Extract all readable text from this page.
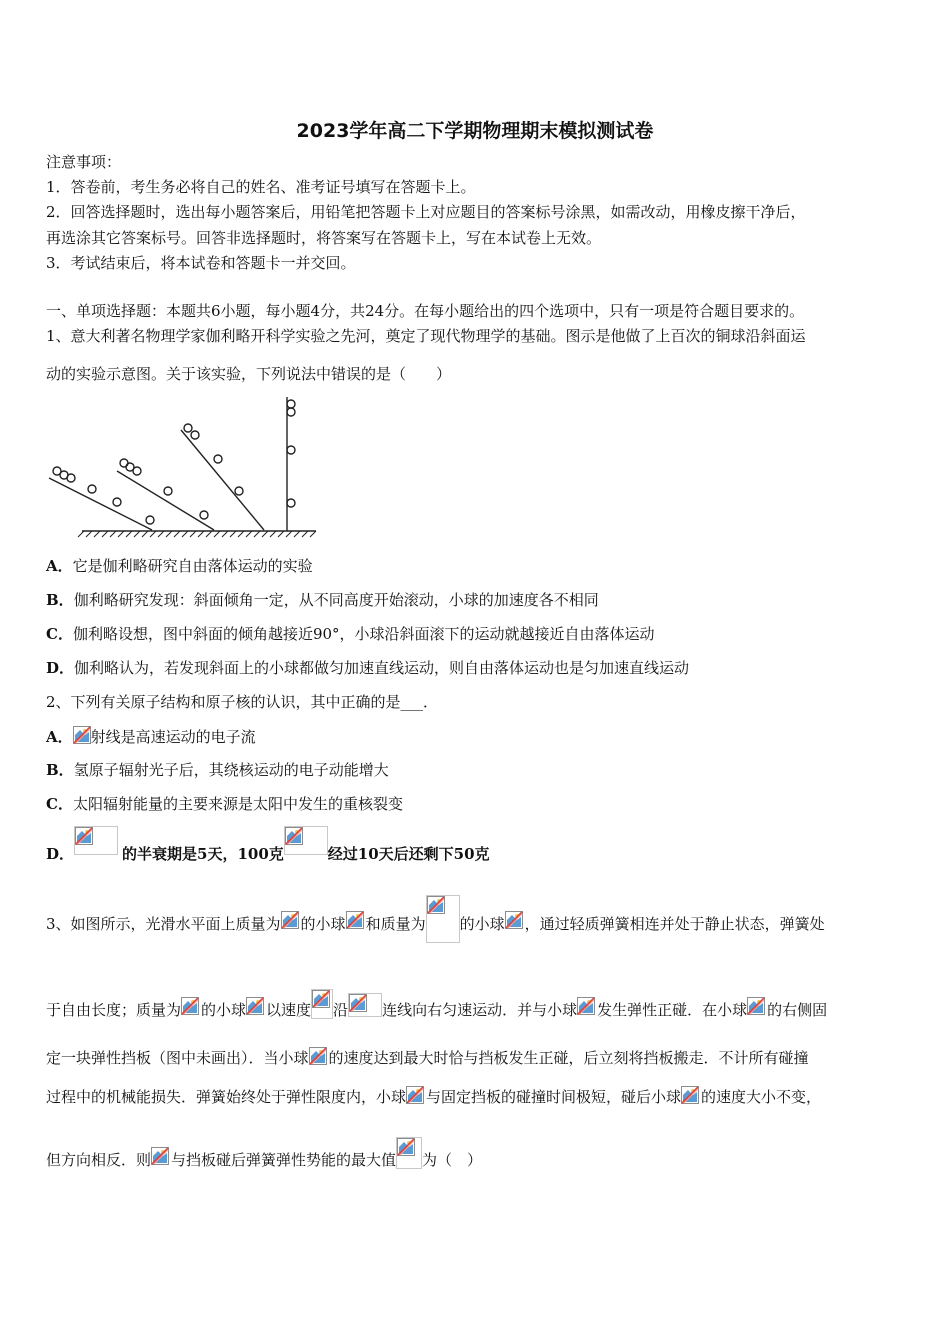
2023学年高二下学期物理期末模拟测试卷
注意事项：
1．答卷前，考生务必将自己的姓名、准考证号填写在答题卡上。
2．回答选择题时，选出每小题答案后，用铅笔把答题卡上对应题目的答案标号涂黑，如需改动，用橡皮擦干净后，
再选涂其它答案标号。回答非选择题时，将答案写在答题卡上，写在本试卷上无效。
3．考试结束后，将本试卷和答题卡一并交回。
一、单项选择题：本题共6小题，每小题4分，共24分。在每小题给出的四个选项中，只有一项是符合题目要求的。
1、意大利著名物理学家伽利略开科学实验之先河，奠定了现代物理学的基础。图示是他做了上百次的铜球沿斜面运
动的实验示意图。关于该实验，下列说法中错误的是（　　）
A．它是伽利略研究自由落体运动的实验
B．伽利略研究发现：斜面倾角一定，从不同高度开始滚动，小球的加速度各不相同
C．伽利略设想，图中斜面的倾角越接近90°，小球沿斜面滚下的运动就越接近自由落体运动
D．伽利略认为，若发现斜面上的小球都做匀加速直线运动，则自由落体运动也是匀加速直线运动
2、下列有关原子结构和原子核的认识，其中正确的是___．
A． 射线是高速运动的电子流
B．氢原子辐射光子后，其绕核运动的电子动能增大
C．太阳辐射能量的主要来源是太阳中发生的重核裂变
D．	的半衰期是5天，100克	经过10天后还剩下50克
3、如图所示，光滑水平面上质量为 的小球 和质量为 的小球 ，通过轻质弹簧相连并处于静止状态，弹簧处
于自由长度；质量为 的小球 以速度 沿 连线向右匀速运动．并与小球 发生弹性正碰．在小球 的右侧固
定一块弹性挡板（图中未画出）．当小球 的速度达到最大时恰与挡板发生正碰，后立刻将挡板搬走．不计所有碰撞
过程中的机械能损失．弹簧始终处于弹性限度内，小球 与固定挡板的碰撞时间极短，碰后小球 的速度大小不变，
但方向相反．则 与挡板碰后弹簧弹性势能的最大值 为（　）
